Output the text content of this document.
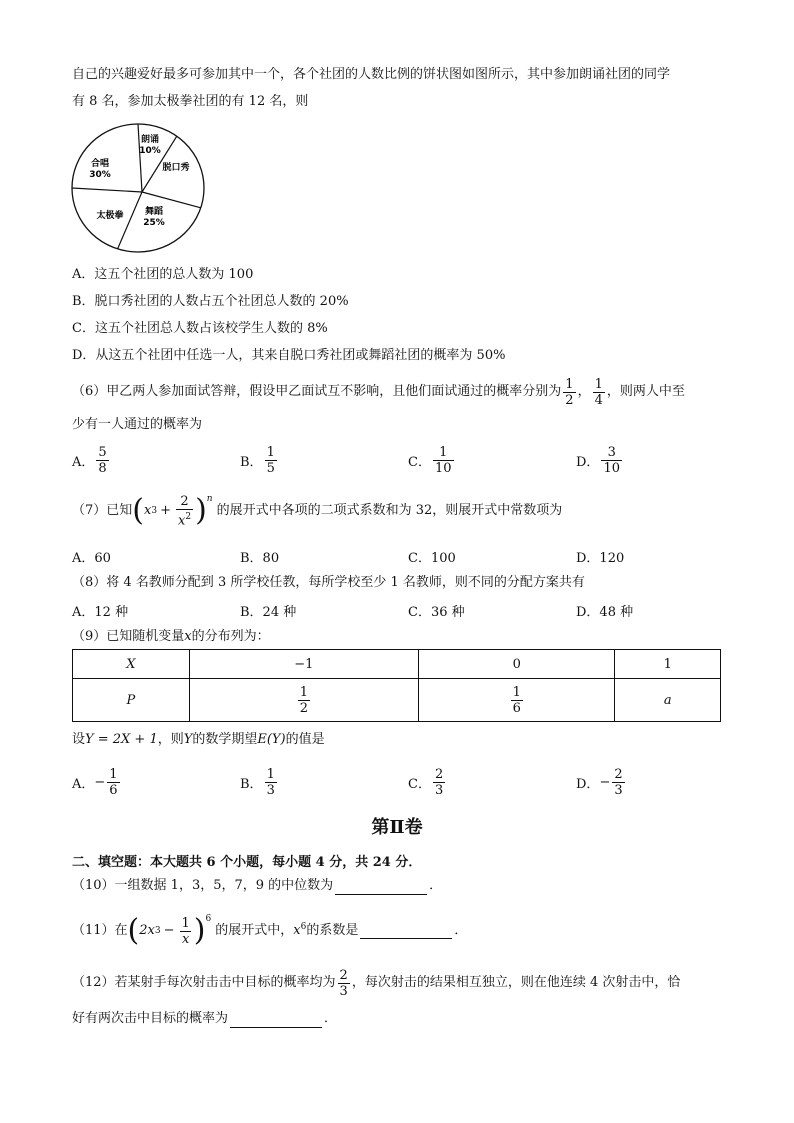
自己的兴趣爱好最多可参加其中一个，各个社团的人数比例的饼状图如图所示，其中参加朗诵社团的同学
有 8 名，参加太极拳社团的有 12 名，则
朗诵
10%
脱口秀
舞蹈
25%
太极拳
合唱
30%
A．这五个社团的总人数为 100
B．脱口秀社团的人数占五个社团总人数的 20%
C．这五个社团总人数占该校学生人数的 8%
D．从这五个社团中任选一人，其来自脱口秀社团或舞蹈社团的概率为 50%
（6）甲乙两人参加面试答辩，假设甲乙面试互不影响，且他们面试通过的概率分别为 $\frac{1}{2}$ ， $\frac{1}{4}$ ，则两人中至
少有一人通过的概率为
A． $\frac{5}{8}$	B． $\frac{1}{5}$	C． $\frac{1}{10}$	D． $\frac{3}{10}$
（7）已知 ( x $3 + \frac{2}{x^2} )^n$
的展开式中各项的二项式系数和为 32，则展开式中常数项为
A．60	B．80	C．100	D．120
（8）将 4 名教师分配到 3 所学校任教，每所学校至少 1 名教师，则不同的分配方案共有
A．12 种	B．24 种	C．36 种	D．48 种
（9）已知随机变量x的分布列为：
X	−1	0	1
P	$\frac{1}{2}$	$\frac{1}{6}$	a
设Y = 2X + 1，则Y的数学期望E(Y)的值是
A． − $\frac{1}{6}$	B． $\frac{1}{3}$	C． $\frac{2}{3}$	D． − $\frac{2}{3}$
第Ⅱ卷
二、填空题：本大题共 6 个小题，每小题 4 分，共 24 分．
（10）一组数据 1，3，5，7，9 的中位数为	．
（11）在 ( 2x $3 - \frac{1}{x} )^6$
的展开式中， $x^6$ 的系数是	．
（12）若某射手每次射击击中目标的概率均为 $\frac{2}{3}$ ，每次射击的结果相互独立，则在他连续 4 次射击中，恰
好有两次击中目标的概率为	．
